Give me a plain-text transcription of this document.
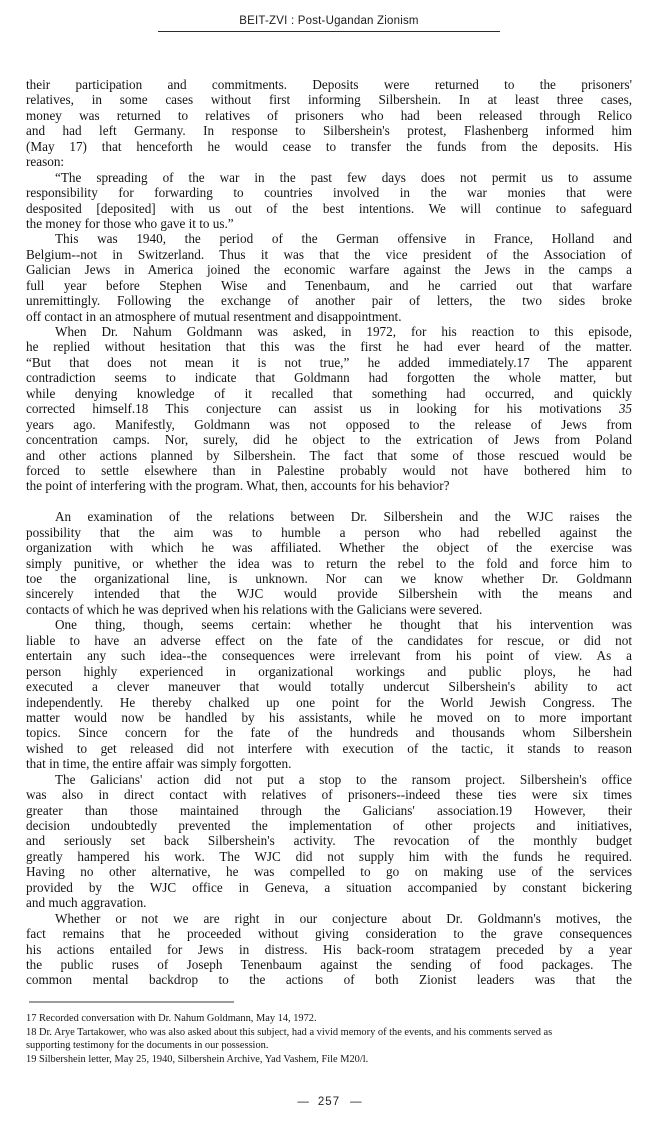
BEIT-ZVI : Post-Ugandan Zionism
their participation and commitments. Deposits were returned to the prisoners'
relatives, in some cases without first informing Silbershein. In at least three cases,
money was returned to relatives of prisoners who had been released through Relico
and had left Germany. In response to Silbershein's protest, Flashenberg informed him
(May 17) that henceforth he would cease to transfer the funds from the deposits. His
reason:
“The spreading of the war in the past few days does not permit us to assume
responsibility for forwarding to countries involved in the war monies that were
desposited [deposited] with us out of the best intentions. We will continue to safeguard
the money for those who gave it to us.”
This was 1940, the period of the German offensive in France, Holland and
Belgium--not in Switzerland. Thus it was that the vice president of the Association of
Galician Jews in America joined the economic warfare against the Jews in the camps a
full year before Stephen Wise and Tenenbaum, and he carried out that warfare
unremittingly. Following the exchange of another pair of letters, the two sides broke
off contact in an atmosphere of mutual resentment and disappointment.
When Dr. Nahum Goldmann was asked, in 1972, for his reaction to this episode,
he replied without hesitation that this was the first he had ever heard of the matter.
“But that does not mean it is not true,” he added immediately.17 The apparent
contradiction seems to indicate that Goldmann had forgotten the whole matter, but
while denying knowledge of it recalled that something had occurred, and quickly
corrected himself.18 This conjecture can assist us in looking for his motivations 35
years ago. Manifestly, Goldmann was not opposed to the release of Jews from
concentration camps. Nor, surely, did he object to the extrication of Jews from Poland
and other actions planned by Silbershein. The fact that some of those rescued would be
forced to settle elsewhere than in Palestine probably would not have bothered him to
the point of interfering with the program. What, then, accounts for his behavior?
An examination of the relations between Dr. Silbershein and the WJC raises the
possibility that the aim was to humble a person who had rebelled against the
organization with which he was affiliated. Whether the object of the exercise was
simply punitive, or whether the idea was to return the rebel to the fold and force him to
toe the organizational line, is unknown. Nor can we know whether Dr. Goldmann
sincerely intended that the WJC would provide Silbershein with the means and
contacts of which he was deprived when his relations with the Galicians were severed.
One thing, though, seems certain: whether he thought that his intervention was
liable to have an adverse effect on the fate of the candidates for rescue, or did not
entertain any such idea--the consequences were irrelevant from his point of view. As a
person highly experienced in organizational workings and public ploys, he had
executed a clever maneuver that would totally undercut Silbershein's ability to act
independently. He thereby chalked up one point for the World Jewish Congress. The
matter would now be handled by his assistants, while he moved on to more important
topics. Since concern for the fate of the hundreds and thousands whom Silbershein
wished to get released did not interfere with execution of the tactic, it stands to reason
that in time, the entire affair was simply forgotten.
The Galicians' action did not put a stop to the ransom project. Silbershein's office
was also in direct contact with relatives of prisoners--indeed these ties were six times
greater than those maintained through the Galicians' association.19 However, their
decision undoubtedly prevented the implementation of other projects and initiatives,
and seriously set back Silbershein's activity. The revocation of the monthly budget
greatly hampered his work. The WJC did not supply him with the funds he required.
Having no other alternative, he was compelled to go on making use of the services
provided by the WJC office in Geneva, a situation accompanied by constant bickering
and much aggravation.
Whether or not we are right in our conjecture about Dr. Goldmann's motives, the
fact remains that he proceeded without giving consideration to the grave consequences
his actions entailed for Jews in distress. His back-room stratagem preceded by a year
the public ruses of Joseph Tenenbaum against the sending of food packages. The
common mental backdrop to the actions of both Zionist leaders was that the
17 Recorded conversation with Dr. Nahum Goldmann, May 14, 1972.
18 Dr. Arye Tartakower, who was also asked about this subject, had a vivid memory of the events, and his comments served as
supporting testimony for the documents in our possession.
19 Silbershein letter, May 25, 1940, Silbershein Archive, Yad Vashem, File M20/l.
— 257 —
